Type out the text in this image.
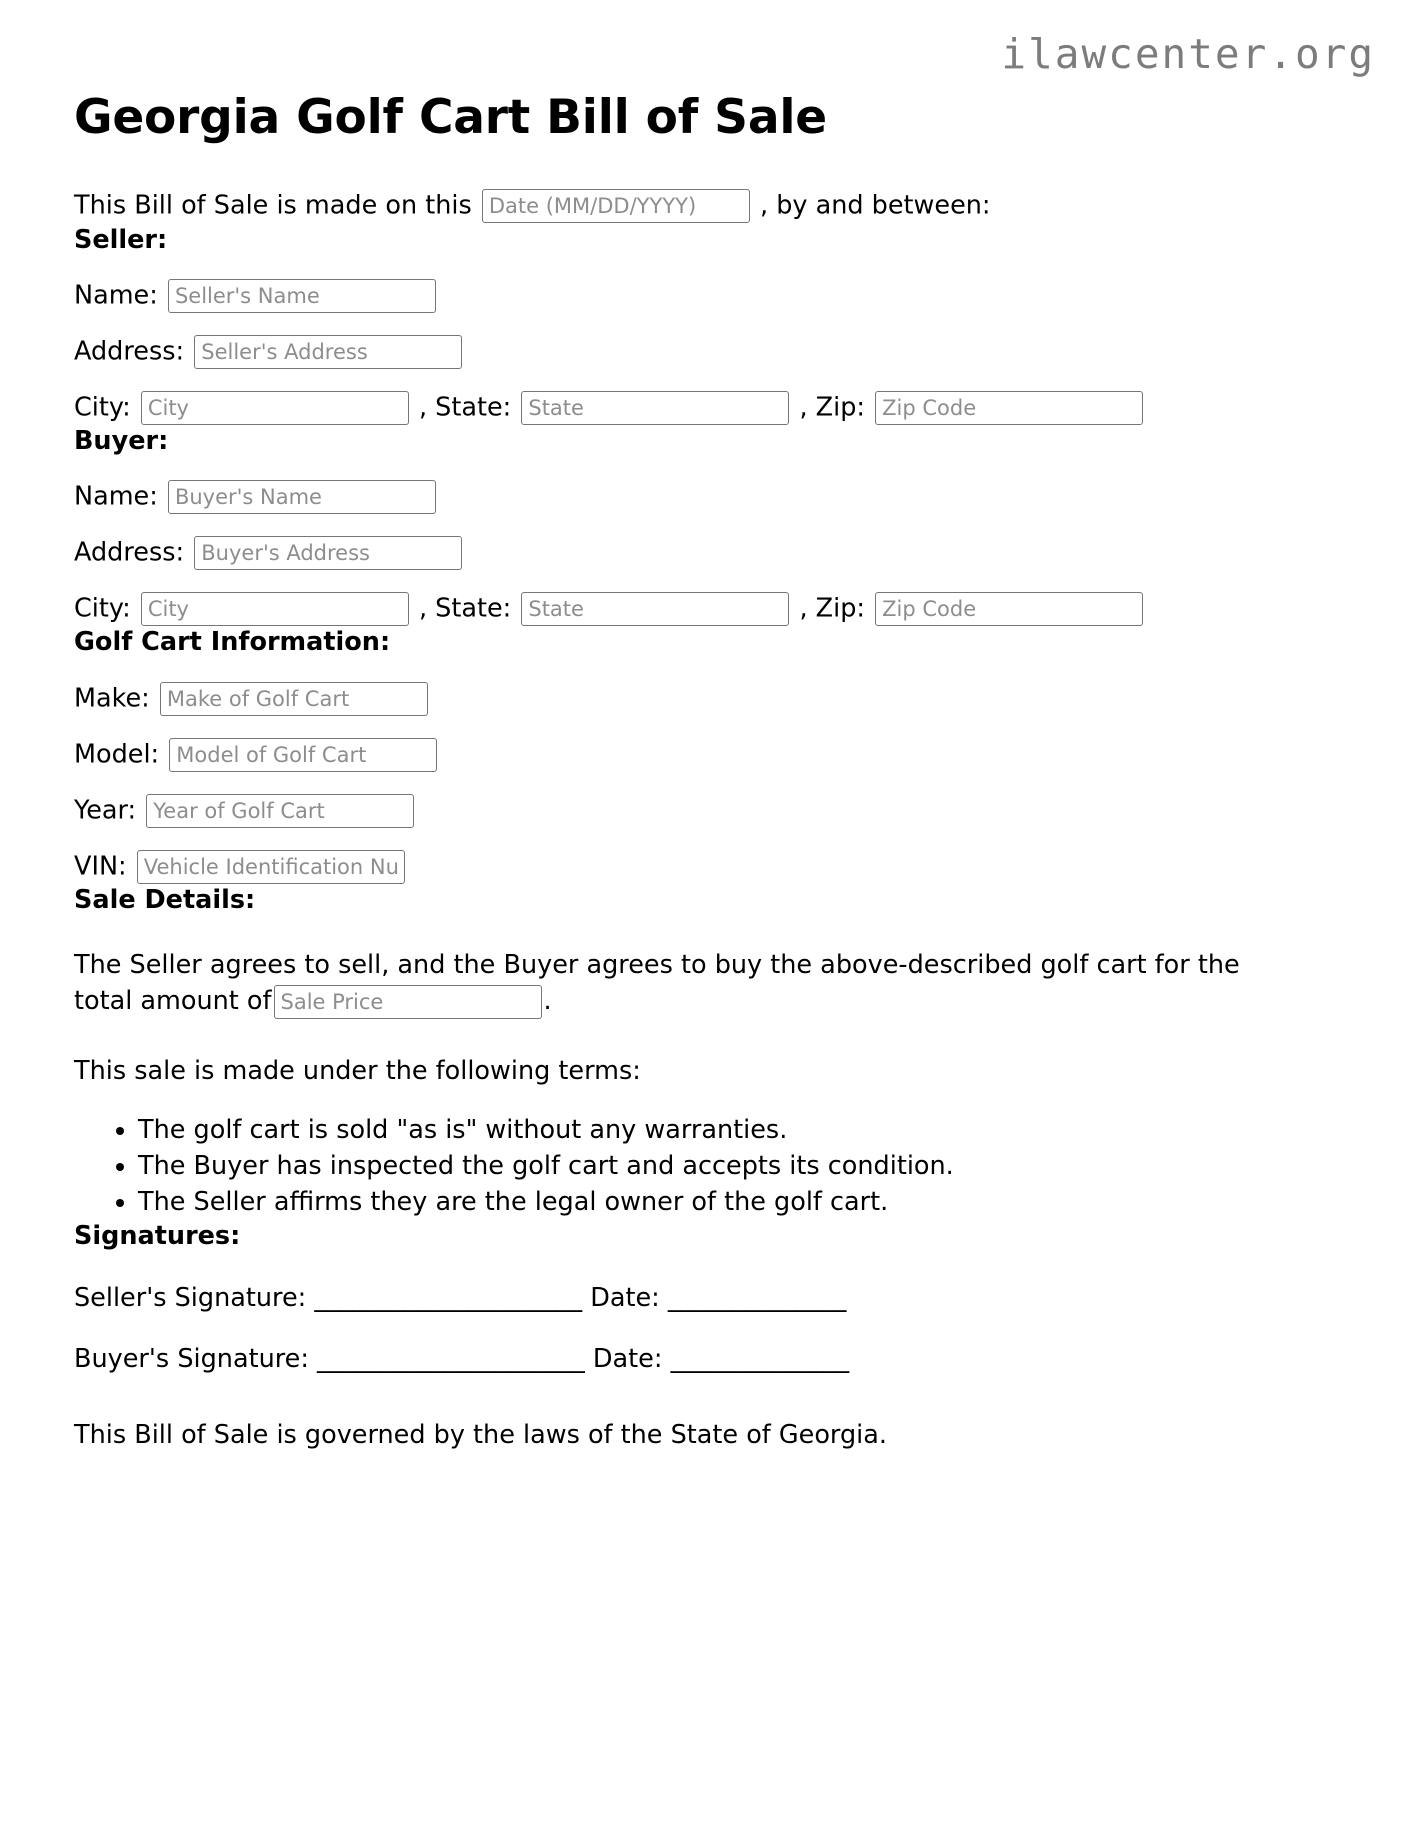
ilawcenter.org
Georgia Golf Cart Bill of Sale
This Bill of Sale is made on this Date (MM/DD/YYYY)	, by and between:
Seller:
Name: Seller's Name
Address: Seller's Address
City: City	, State: State	, Zip: Zip Code
Buyer:
Name: Buyer's Name
Address: Buyer's Address
City: City	, State: State	, Zip: Zip Code
Golf Cart Information:
Make: Make of Golf Cart
Model: Model of Golf Cart
Year: Year of Golf Cart
VIN: Vehicle Identification Number
Sale Details:
The Seller agrees to sell, and the Buyer agrees to buy the above-described golf cart for the total amount ofSale Price	.
This sale is made under the following terms:
• The golf cart is sold "as is" without any warranties.
• The Buyer has inspected the golf cart and accepts its condition.
• The Seller affirms they are the legal owner of the golf cart.
Signatures:
Seller's Signature: _____________________ Date: ______________
Buyer's Signature: _____________________ Date: ______________
This Bill of Sale is governed by the laws of the State of Georgia.
